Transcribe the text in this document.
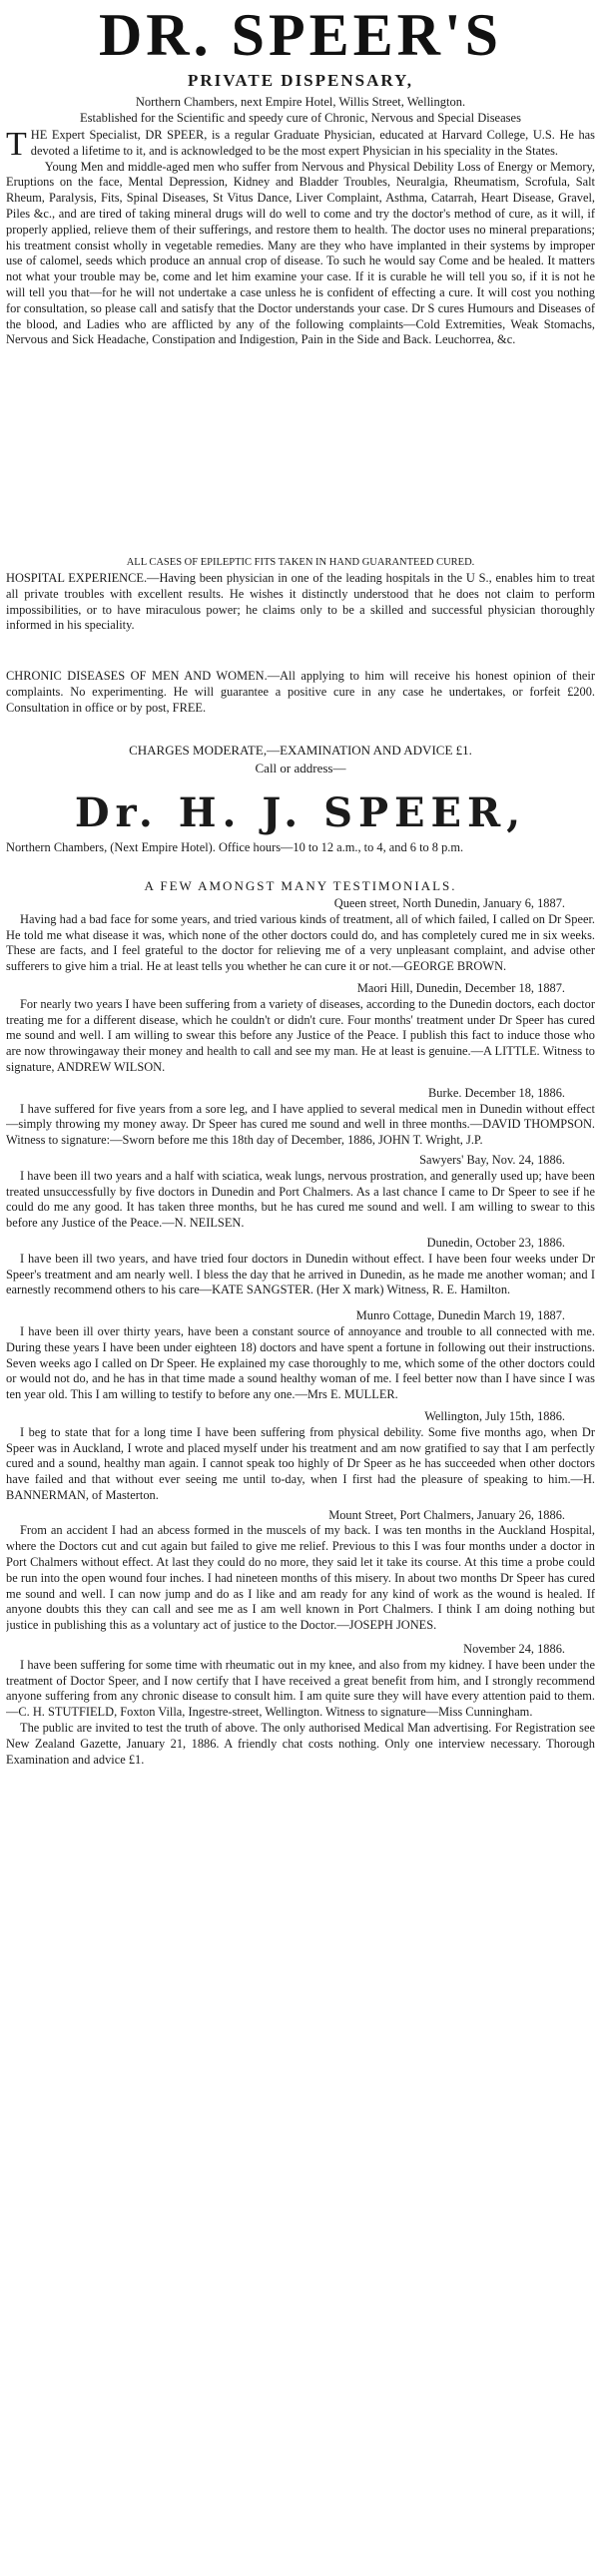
DR. SPEER'S
PRIVATE DISPENSARY,
Northern Chambers, next Empire Hotel, Willis Street, Wellington.
Established for the Scientific and speedy cure of Chronic, Nervous and Special Diseases

THE Expert Specialist, DR SPEER, is a regular Graduate Physician, educated at Harvard College, U.S. He has devoted a lifetime to it, and is acknowledged to be the most expert Physician in his speciality in the States.

Young Men and middle-aged men who suffer from Nervous and Physical Debility Loss of Energy or Memory, Eruptions on the face, Mental Depression, Kidney and Bladder Troubles, Neuralgia, Rheumatism, Scrofula, Salt Rheum, Paralysis, Fits, Spinal Diseases, St Vitus Dance, Liver Complaint, Asthma, Catarrah, Heart Disease, Gravel, Piles &c., and are tired of taking mineral drugs will do well to come and try the doctor's method of cure, as it will, if properly applied, relieve them of their sufferings, and restore them to health. The doctor uses no mineral preparations; his treatment consist wholly in vegetable remedies. Many are they who have implanted in their systems by improper use of calomel, seeds which produce an annual crop of disease. To such he would say Come and be healed. It matters not what your trouble may be, come and let him examine your case. If it is curable he will tell you so, if it is not he will tell you that—for he will not undertake a case unless he is confident of effecting a cure. It will cost you nothing for consultation, so please call and satisfy that the Doctor understands your case. Dr S cures Humours and Diseases of the blood, and Ladies who are afflicted by any of the following complaints—Cold Extremities, Weak Stomachs, Nervous and Sick Headache, Constipation and Indigestion, Pain in the Side and Back. Leuchorrea, &c.

ALL CASES OF EPILEPTIC FITS TAKEN IN HAND GUARANTEED CURED.

HOSPITAL EXPERIENCE.—Having been physician in one of the leading hospitals in the U S., enables him to treat all private troubles with excellent results. He wishes it distinctly understood that he does not claim to perform impossibilities, or to have miraculous power; he claims only to be a skilled and successful physician thoroughly informed in his speciality.

CHRONIC DISEASES OF MEN AND WOMEN.—All applying to him will receive his honest opinion of their complaints. No experimenting. He will guarantee a positive cure in any case he undertakes, or forfeit £200. Consultation in office or by post, FREE.

CHARGES MODERATE,—EXAMINATION AND ADVICE £1.
Call or address—
Dr. H. J. SPEER,

Northern Chambers, (Next Empire Hotel). Office hours—10 to 12 a.m., to 4, and 6 to 8 p.m.

A FEW AMONGST MANY TESTIMONIALS.
Queen street, North Dunedin, January 6, 1887.

Having had a bad face for some years, and tried various kinds of treatment, all of which failed, I called on Dr Speer. He told me what disease it was, which none of the other doctors could do, and has completely cured me in six weeks. These are facts, and I feel grateful to the doctor for relieving me of a very unpleasant complaint, and advise other sufferers to give him a trial. He at least tells you whether he can cure it or not.—GEORGE BROWN.

Maori Hill, Dunedin, December 18, 1887.

For nearly two years I have been suffering from a variety of diseases, according to the Dunedin doctors, each doctor treating me for a different disease, which he couldn't or didn't cure. Four months' treatment under Dr Speer has cured me sound and well. I am willing to swear this before any Justice of the Peace. I publish this fact to induce those who are now throwingaway their money and health to call and see my man. He at least is genuine.—A LITTLE. Witness to signature, ANDREW WILSON.

Burke. December 18, 1886.

I have suffered for five years from a sore leg, and I have applied to several medical men in Dunedin without effect—simply throwing my money away. Dr Speer has cured me sound and well in three months.—DAVID THOMPSON. Witness to signature:—Sworn before me this 18th day of December, 1886, JOHN T. Wright, J.P.

Sawyers' Bay, Nov. 24, 1886.

I have been ill two years and a half with sciatica, weak lungs, nervous prostration, and generally used up; have been treated unsuccessfully by five doctors in Dunedin and Port Chalmers. As a last chance I came to Dr Speer to see if he could do me any good. It has taken three months, but he has cured me sound and well. I am willing to swear to this before any Justice of the Peace.—N. NEILSEN.

Dunedin, October 23, 1886.

I have been ill two years, and have tried four doctors in Dunedin without effect. I have been four weeks under Dr Speer's treatment and am nearly well. I bless the day that he arrived in Dunedin, as he made me another woman; and I earnestly recommend others to his care—KATE SANGSTER. (Her X mark) Witness, R. E. Hamilton.

Munro Cottage, Dunedin March 19, 1887.

I have been ill over thirty years, have been a constant source of annoyance and trouble to all connected with me. During these years I have been under eighteen 18) doctors and have spent a fortune in following out their instructions. Seven weeks ago I called on Dr Speer. He explained my case thoroughly to me, which some of the other doctors could or would not do, and he has in that time made a sound healthy woman of me. I feel better now than I have since I was ten year old. This I am willing to testify to before any one.—Mrs E. MULLER.

Wellington, July 15th, 1886.

I beg to state that for a long time I have been suffering from physical debility. Some five months ago, when Dr Speer was in Auckland, I wrote and placed myself under his treatment and am now gratified to say that I am perfectly cured and a sound, healthy man again. I cannot speak too highly of Dr Speer as he has succeeded when other doctors have failed and that without ever seeing me until to-day, when I first had the pleasure of speaking to him.—H. BANNERMAN, of Masterton.

Mount Street, Port Chalmers, January 26, 1886.

From an accident I had an abcess formed in the muscels of my back. I was ten months in the Auckland Hospital, where the Doctors cut and cut again but failed to give me relief. Previous to this I was four months under a doctor in Port Chalmers without effect. At last they could do no more, they said let it take its course. At this time a probe could be run into the open wound four inches. I had nineteen months of this misery. In about two months Dr Speer has cured me sound and well. I can now jump and do as I like and am ready for any kind of work as the wound is healed. If anyone doubts this they can call and see me as I am well known in Port Chalmers. I think I am doing nothing but justice in publishing this as a voluntary act of justice to the Doctor.—JOSEPH JONES.

November 24, 1886.

I have been suffering for some time with rheumatic out in my knee, and also from my kidney. I have been under the treatment of Doctor Speer, and I now certify that I have received a great benefit from him, and I strongly recommend anyone suffering from any chronic disease to consult him. I am quite sure they will have every attention paid to them.—C. H. STUTFIELD, Foxton Villa, Ingestre-street, Wellington. Witness to signature—Miss Cunningham.

The public are invited to test the truth of above. The only authorised Medical Man advertising. For Registration see New Zealand Gazette, January 21, 1886. A friendly chat costs nothing. Only one interview necessary. Thorough Examination and advice £1.
